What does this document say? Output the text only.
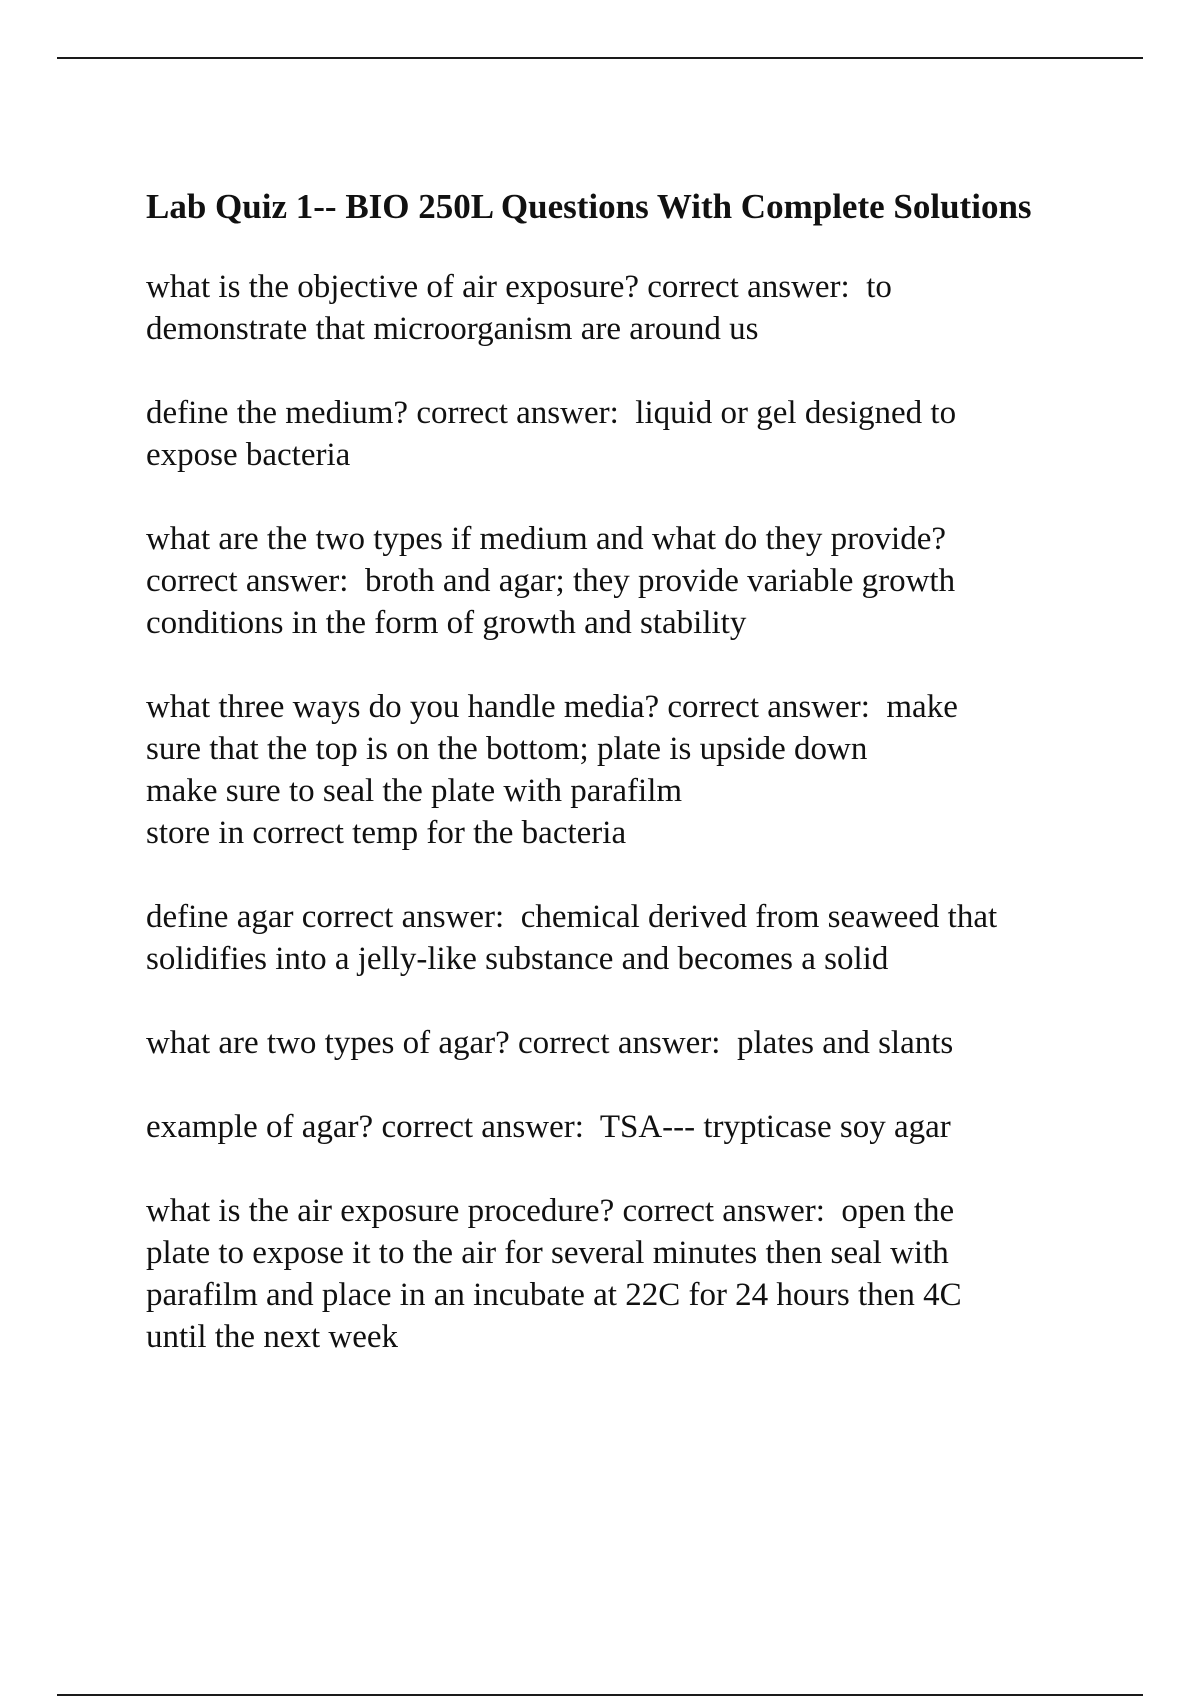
Lab Quiz 1-- BIO 250L Questions With Complete Solutions
what is the objective of air exposure? correct answer:  to
demonstrate that microorganism are around us
define the medium? correct answer:  liquid or gel designed to
expose bacteria
what are the two types if medium and what do they provide?
correct answer:  broth and agar; they provide variable growth
conditions in the form of growth and stability
what three ways do you handle media? correct answer:  make
sure that the top is on the bottom; plate is upside down
make sure to seal the plate with parafilm
store in correct temp for the bacteria
define agar correct answer:  chemical derived from seaweed that
solidifies into a jelly-like substance and becomes a solid
what are two types of agar? correct answer:  plates and slants
example of agar? correct answer:  TSA--- trypticase soy agar
what is the air exposure procedure? correct answer:  open the
plate to expose it to the air for several minutes then seal with
parafilm and place in an incubate at 22C for 24 hours then 4C
until the next week
